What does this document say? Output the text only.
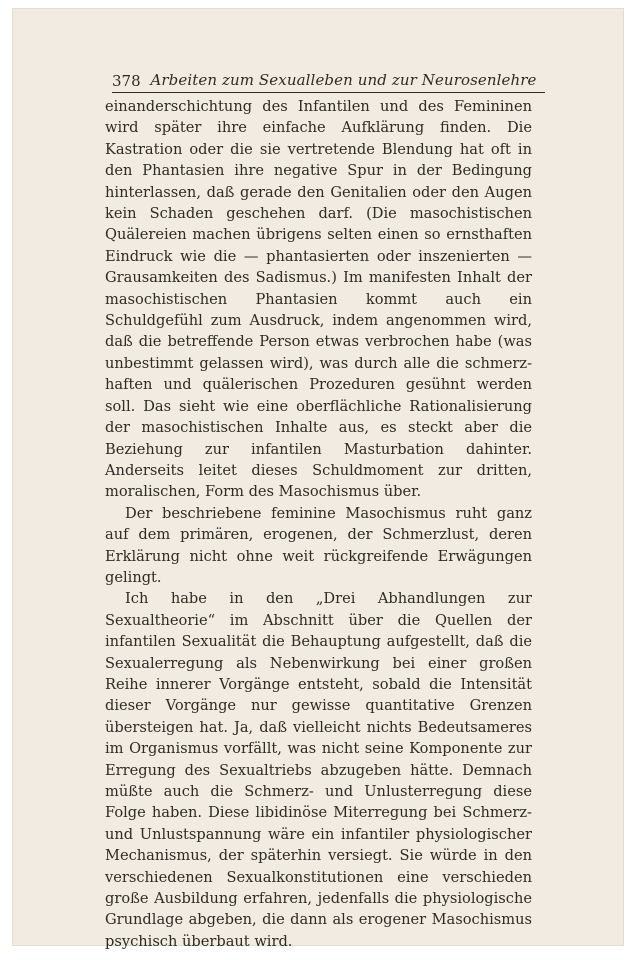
378 Arbeiten zum Sexualleben und zur Neurosenlehre

einanderschichtung des Infantilen und des Femininen wird später ihre einfache Aufklärung finden. Die Kastration oder die sie vertretende Blendung hat oft in den Phantasien ihre negative Spur in der Bedingung hinterlassen, daß gerade den Genitalien oder den Augen kein Schaden geschehen darf. (Die masochistischen Quälereien machen übrigens selten einen so ernsthaften Eindruck wie die — phantasierten oder inszenierten — Grausamkeiten des Sadismus.) Im manifesten Inhalt der masochistischen Phantasien kommt auch ein Schuldgefühl zum Ausdruck, indem angenommen wird, daß die betreffende Person etwas verbrochen habe (was unbestimmt gelassen wird), was durch alle die schmerzhaften und quälerischen Prozeduren gesühnt werden soll. Das sieht wie eine oberflächliche Rationalisierung der masochistischen Inhalte aus, es steckt aber die Beziehung zur infantilen Masturbation dahinter. Anderseits leitet dieses Schuldmoment zur dritten, moralischen, Form des Masochismus über.

Der beschriebene feminine Masochismus ruht ganz auf dem primären, erogenen, der Schmerzlust, deren Erklärung nicht ohne weit rückgreifende Erwägungen gelingt.

Ich habe in den „Drei Abhandlungen zur Sexualtheorie“ im Abschnitt über die Quellen der infantilen Sexualität die Behauptung aufgestellt, daß die Sexualerregung als Nebenwirkung bei einer großen Reihe innerer Vorgänge entsteht, sobald die Intensität dieser Vorgänge nur gewisse quantitative Grenzen übersteigen hat. Ja, daß vielleicht nichts Bedeutsameres im Organismus vorfällt, was nicht seine Komponente zur Erregung des Sexualtriebs abzugeben hätte. Demnach müßte auch die Schmerz- und Unlusterregung diese Folge haben. Diese libidinöse Miterregung bei Schmerz- und Unlustspannung wäre ein infantiler physiologischer Mechanismus, der späterhin versiegt. Sie würde in den verschiedenen Sexualkonstitutionen eine verschieden große Ausbildung erfahren, jedenfalls die physiologische Grundlage abgeben, die dann als erogener Masochismus psychisch überbaut wird.
